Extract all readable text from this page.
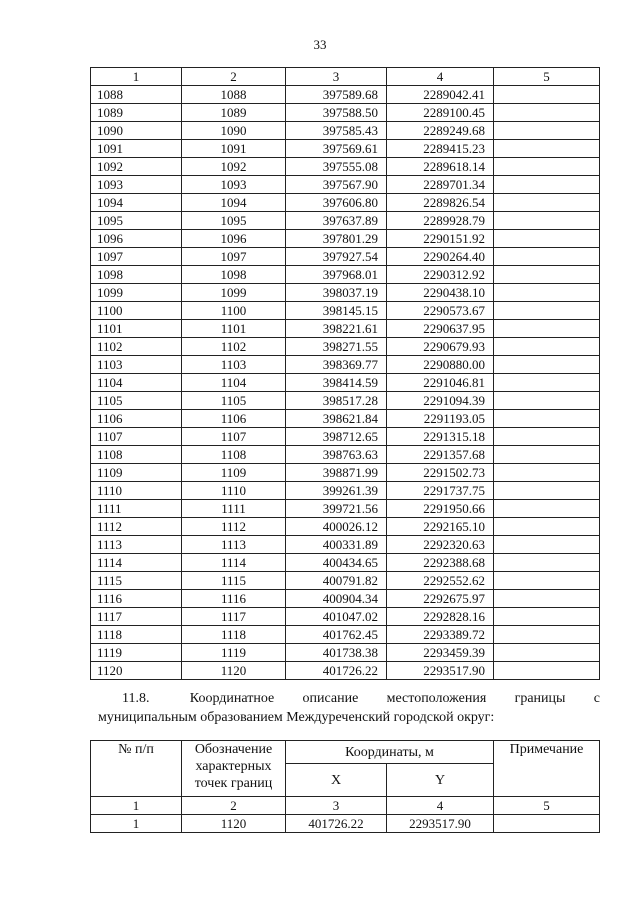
33
1	2	3	4	5
1088	1088	397589.68	2289042.41	
1089	1089	397588.50	2289100.45	
1090	1090	397585.43	2289249.68	
1091	1091	397569.61	2289415.23	
1092	1092	397555.08	2289618.14	
1093	1093	397567.90	2289701.34	
1094	1094	397606.80	2289826.54	
1095	1095	397637.89	2289928.79	
1096	1096	397801.29	2290151.92	
1097	1097	397927.54	2290264.40	
1098	1098	397968.01	2290312.92	
1099	1099	398037.19	2290438.10	
1100	1100	398145.15	2290573.67	
1101	1101	398221.61	2290637.95	
1102	1102	398271.55	2290679.93	
1103	1103	398369.77	2290880.00	
1104	1104	398414.59	2291046.81	
1105	1105	398517.28	2291094.39	
1106	1106	398621.84	2291193.05	
1107	1107	398712.65	2291315.18	
1108	1108	398763.63	2291357.68	
1109	1109	398871.99	2291502.73	
1110	1110	399261.39	2291737.75	
1111	1111	399721.56	2291950.66	
1112	1112	400026.12	2292165.10	
1113	1113	400331.89	2292320.63	
1114	1114	400434.65	2292388.68	
1115	1115	400791.82	2292552.62	
1116	1116	400904.34	2292675.97	
1117	1117	401047.02	2292828.16	
1118	1118	401762.45	2293389.72	
1119	1119	401738.38	2293459.39	
1120	1120	401726.22	2293517.90	
11.8.	Координатное описание местоположения границы с
муниципальным образованием Междуреченский городской округ:
№ п/п	Обозначение характерных точек границ	Координаты, м		Примечание
		X	Y	
1	2	3	4	5
1	1120	401726.22	2293517.90	
